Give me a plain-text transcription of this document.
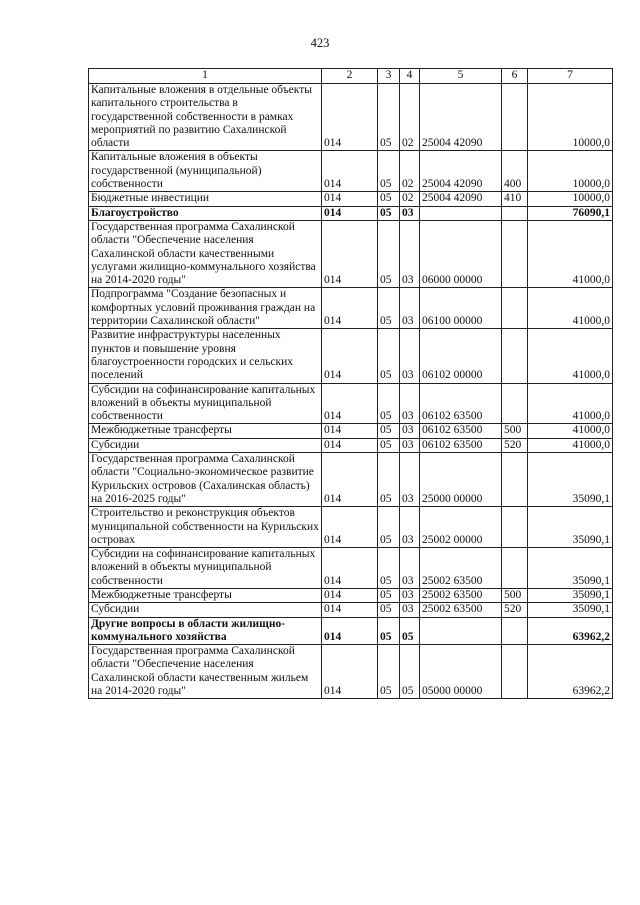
423
1	2	3	4	5	6	7
Капитальные вложения в отдельные объекты капитального строительства в государственной собственности в рамках мероприятий по развитию Сахалинской области	014	05	02	25004 42090		10000,0
Капитальные вложения в объекты государственной (муниципальной) собственности	014	05	02	25004 42090	400	10000,0
Бюджетные инвестиции	014	05	02	25004 42090	410	10000,0
Благоустройство	014	05	03			76090,1
Государственная программа Сахалинской области "Обеспечение населения Сахалинской области качественными услугами жилищно-коммунального хозяйства на 2014-2020 годы"	014	05	03	06000 00000		41000,0
Подпрограмма "Создание безопасных и комфортных условий проживания граждан на территории Сахалинской области"	014	05	03	06100 00000		41000,0
Развитие инфраструктуры населенных пунктов и повышение уровня благоустроенности городских и сельских поселений	014	05	03	06102 00000		41000,0
Субсидии на софинансирование капитальных вложений в объекты муниципальной собственности	014	05	03	06102 63500		41000,0
Межбюджетные трансферты	014	05	03	06102 63500	500	41000,0
Субсидии	014	05	03	06102 63500	520	41000,0
Государственная программа Сахалинской области "Социально-экономическое развитие Курильских островов (Сахалинская область) на 2016-2025 годы"	014	05	03	25000 00000		35090,1
Строительство и реконструкция объектов муниципальной собственности на Курильских островах	014	05	03	25002 00000		35090,1
Субсидии на софинансирование капитальных вложений в объекты муниципальной собственности	014	05	03	25002 63500		35090,1
Межбюджетные трансферты	014	05	03	25002 63500	500	35090,1
Субсидии	014	05	03	25002 63500	520	35090,1
Другие вопросы в области жилищно-коммунального хозяйства	014	05	05			63962,2
Государственная программа Сахалинской области "Обеспечение населения Сахалинской области качественным жильем на 2014-2020 годы"	014	05	05	05000 00000		63962,2
